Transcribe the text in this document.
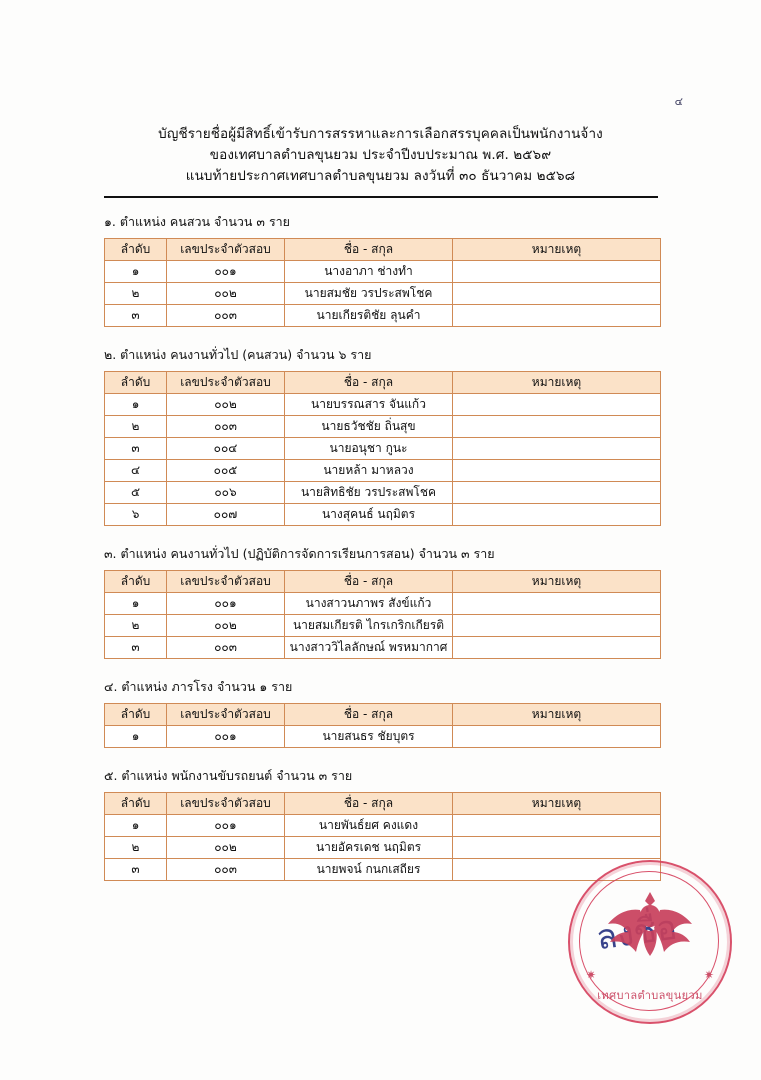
๔
บัญชีรายชื่อผู้มีสิทธิ์เข้ารับการสรรหาและการเลือกสรรบุคคลเป็นพนักงานจ้าง
ของเทศบาลตำบลขุนยวม ประจำปีงบประมาณ พ.ศ. ๒๕๖๙
แนบท้ายประกาศเทศบาลตำบลขุนยวม ลงวันที่ ๓๐ ธันวาคม ๒๕๖๘
๑. ตำแหน่ง คนสวน จำนวน ๓ ราย
ลำดับ	เลขประจำตัวสอบ	ชื่อ - สกุล	หมายเหตุ
๑	๐๐๑	นางอาภา ช่างทำ	
๒	๐๐๒	นายสมชัย วรประสพโชค	
๓	๐๐๓	นายเกียรติชัย ลุนคำ	
๒. ตำแหน่ง คนงานทั่วไป (คนสวน) จำนวน ๖ ราย
ลำดับ	เลขประจำตัวสอบ	ชื่อ - สกุล	หมายเหตุ
๑	๐๐๒	นายบรรณสาร จันแก้ว	
๒	๐๐๓	นายธวัชชัย ถิ่นสุข	
๓	๐๐๔	นายอนุชา กูนะ	
๔	๐๐๕	นายหล้า มาหลวง	
๕	๐๐๖	นายสิทธิชัย วรประสพโชค	
๖	๐๐๗	นางสุคนธ์ นฤมิตร	
๓. ตำแหน่ง คนงานทั่วไป (ปฏิบัติการจัดการเรียนการสอน) จำนวน ๓ ราย
ลำดับ	เลขประจำตัวสอบ	ชื่อ - สกุล	หมายเหตุ
๑	๐๐๑	นางสาวนภาพร สังข์แก้ว	
๒	๐๐๒	นายสมเกียรติ ไกรเกริกเกียรติ	
๓	๐๐๓	นางสาววิไลลักษณ์ พรหมากาศ	
๔. ตำแหน่ง ภารโรง จำนวน ๑ ราย
ลำดับ	เลขประจำตัวสอบ	ชื่อ - สกุล	หมายเหตุ
๑	๐๐๑	นายสนธร ชัยบุตร	
๕. ตำแหน่ง พนักงานขับรถยนต์ จำนวน ๓ ราย
ลำดับ	เลขประจำตัวสอบ	ชื่อ - สกุล	หมายเหตุ
๑	๐๐๑	นายพันธ์ยศ คงแดง	
๒	๐๐๒	นายอัครเดช นฤมิตร	
๓	๐๐๓	นายพจน์ กนกเสถียร	
✷	✷
เทศบาลตำบลขุนยวม
